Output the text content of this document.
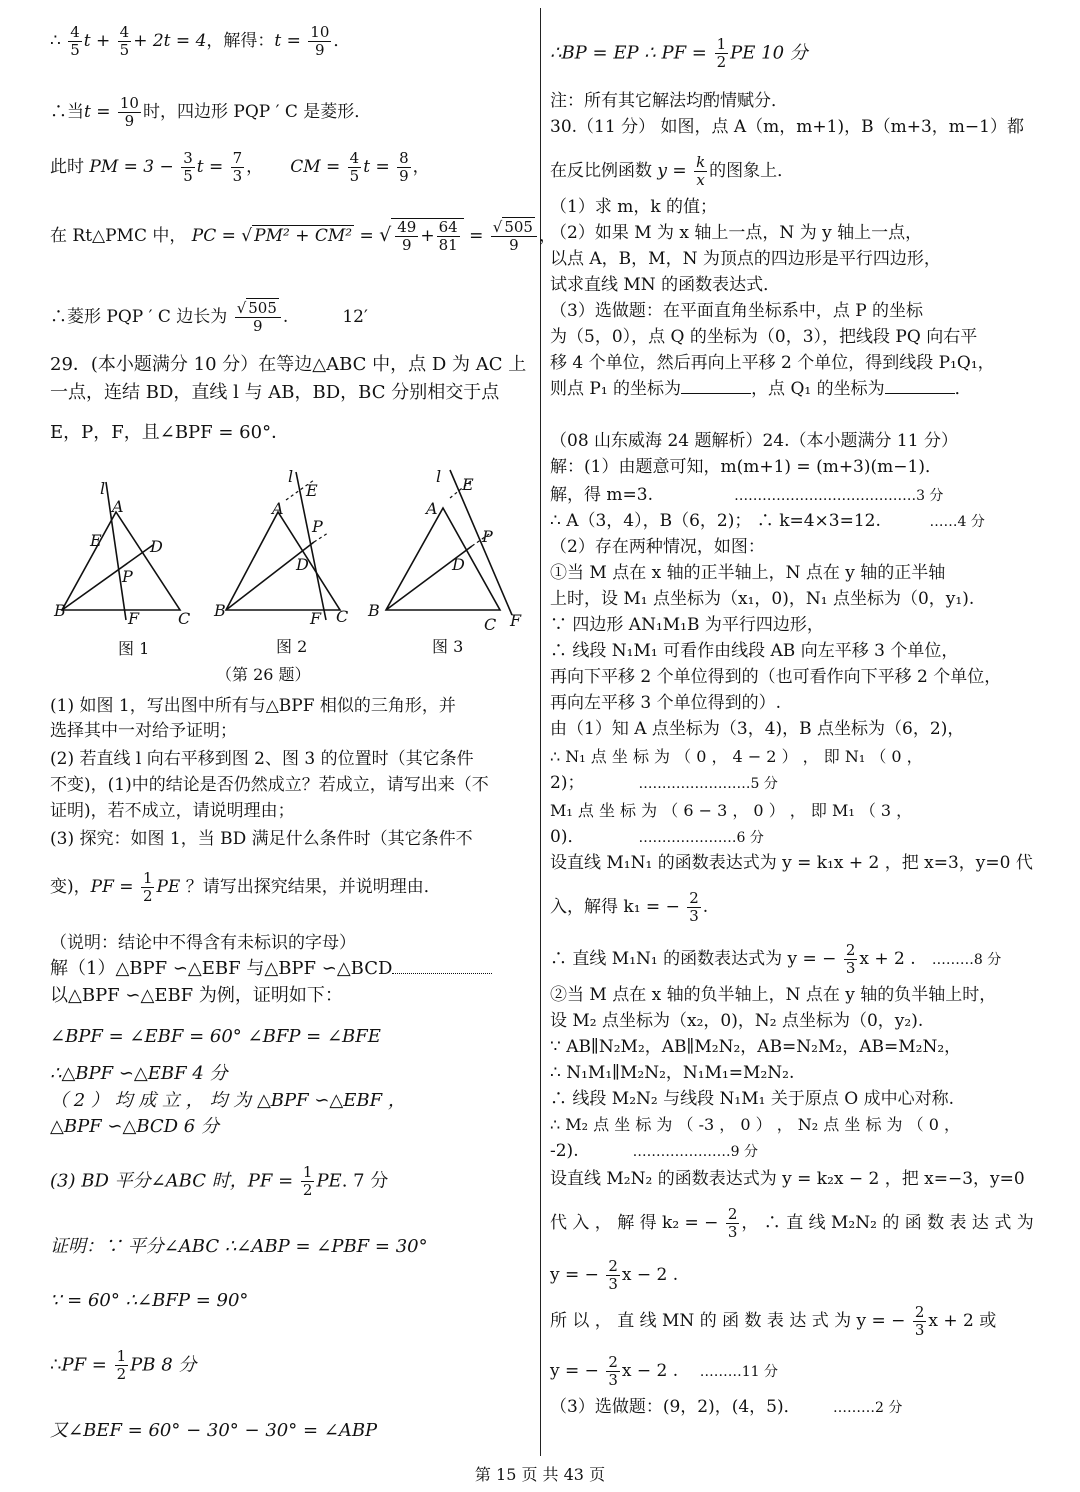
∴ $\frac{4}{5}$ $t + \frac{4}{5} + 2t = 4$，解得：$t = \frac{10}{9}$ ．
∴当$t = \frac{10}{9}$ 时，四边形 PQP ′ C 是菱形．
此时 PM = $3 - \frac{3}{5}$ $t = \frac{7}{3}$ ， CM = $\frac{4}{5}$ $t = \frac{8}{9}$ ，
在 Rt△PMC 中， PC = √ PM² + CM² = √ $\frac{49}{9} + \frac{64}{81} = \frac{√ 505}{9}$ ，
∴菱形 PQP ′ C 边长为 $\frac{√ 505}{9}$ .          12′
29．(本小题满分 10 分）在等边△ABC 中，点 D 为 AC 上
一点，连结 BD，直线 l 与 AB，BD，BC 分别相交于点
E，P，F，且∠BPF = 60°．
l
A
E	D
P
B	F C
l
A
E
D
P
B	F C
l
A
E
D
P
B
F
C
图 1	图 2	图 3
（第 26 题）
(1) 如图 1，写出图中所有与△BPF 相似的三角形，并
选择其中一对给予证明；
(2) 若直线 l 向右平移到图 2、图 3 的位置时（其它条件
不变)，(1)中的结论是否仍然成立？若成立，请写出来（不
证明)，若不成立，请说明理由；
(3) 探究：如图 1，当 BD 满足什么条件时（其它条件不
变)，PF = $\frac{1}{2}$ PE ？请写出探究结果，并说明理由．
（说明：结论中不得含有未标识的字母）
解（1）△BPF ∽△EBF 与△BPF ∽△BCD
以△BPF ∽△EBF 为例，证明如下：
∠BPF = ∠EBF = 60° ∠BFP = ∠BFE
∴△BPF ∽△EBF 4 分
（ 2 ） 均 成 立 ， 均 为 △BPF ∽△EBF ，
△BPF ∽△BCD 6 分
(3) BD 平分∠ABC 时，PF = $\frac{1}{2}$ PE. 7 分
证明：∵ 平分∠ABC ∴∠ABP = ∠PBF = 30°
∵ = 60° ∴∠BFP = 90°
∴PF = $\frac{1}{2}$ PB 8 分
又∠BEF = 60° − 30° − 30° = ∠ABP
∴BP = EP ∴ PF = $\frac{1}{2}$ PE 10 分
注：所有其它解法均酌情赋分．
30.（11 分） 如图，点 A（m，m+1)，B（m+3，m−1）都
在反比例函数 $y = \frac{k}{x}$ 的图象上．
（1）求 m，k 的值；
（2）如果 M 为 x 轴上一点，N 为 y 轴上一点，
以点 A，B，M，N 为顶点的四边形是平行四边形，
试求直线 MN 的函数表达式．
（3）选做题：在平面直角坐标系中，点 P 的坐标
为（5，0），点 Q 的坐标为（0，3），把线段 PQ 向右平
移 4 个单位，然后再向上平移 2 个单位，得到线段 P₁Q₁，
则点 P₁ 的坐标为	，点 Q₁ 的坐标为	．
（08 山东威海 24 题解析）24.（本小题满分 11 分）
解：(1）由题意可知，m(m+1) = (m+3)(m−1)．
解，得 m=3.	…………………………………3 分
∴ A（3，4），B（6，2)； ∴ k=4×3=12.	……4 分
（2）存在两种情况，如图：
①当 M 点在 x 轴的正半轴上，N 点在 y 轴的正半轴
上时，设 M₁ 点坐标为（x₁，0)，N₁ 点坐标为（0，y₁).
∵ 四边形 AN₁M₁B 为平行四边形，
∴ 线段 N₁M₁ 可看作由线段 AB 向左平移 3 个单位，
再向下平移 2 个单位得到的（也可看作向下平移 2 个单位，
再向左平移 3 个单位得到的）.
由（1）知 A 点坐标为（3，4)，B 点坐标为（6，2)，
∴ N₁ 点 坐 标 为 （ 0 ， 4 − 2 ） ， 即 N₁ （ 0 ，
2)；	……………………5 分
M₁ 点 坐 标 为 （ 6 − 3 ， 0 ） ， 即 M₁ （ 3 ，
0)．	…………………6 分
设直线 M₁N₁ 的函数表达式为 y = k₁x + 2 ，把 x=3，y=0 代
入，解得 k₁ = − $\frac{2}{3}$ .
∴ 直线 M₁N₁ 的函数表达式为 y = − $\frac{2}{3}$ x + 2 . ………8 分
②当 M 点在 x 轴的负半轴上，N 点在 y 轴的负半轴上时，
设 M₂ 点坐标为（x₂，0)，N₂ 点坐标为（0，y₂).
∵ AB∥N₂M₂，AB∥M₂N₂，AB=N₂M₂，AB=M₂N₂，
∴ N₁M₁∥M₂N₂，N₁M₁=M₂N₂.
∴ 线段 M₂N₂ 与线段 N₁M₁ 关于原点 O 成中心对称.
∴ M₂ 点 坐 标 为 （ -3 ， 0 ） ， N₂ 点 坐 标 为 （ 0 ，
-2).	…………………9 分
设直线 M₂N₂ 的函数表达式为 y = k₂x − 2 ，把 x=−3，y=0
代 入 ， 解 得 k₂ = − $\frac{2}{3}$ ， ∴ 直 线 M₂N₂ 的 函 数 表 达 式 为
y = − $\frac{2}{3}$ x − 2 .
所 以 ， 直 线 MN 的 函 数 表 达 式 为 y = − $\frac{2}{3}$ x + 2 或
y = − $\frac{2}{3}$ x − 2 . ………11 分
（3）选做题：(9，2)，(4，5)． ………2 分
第 15 页 共 43 页
